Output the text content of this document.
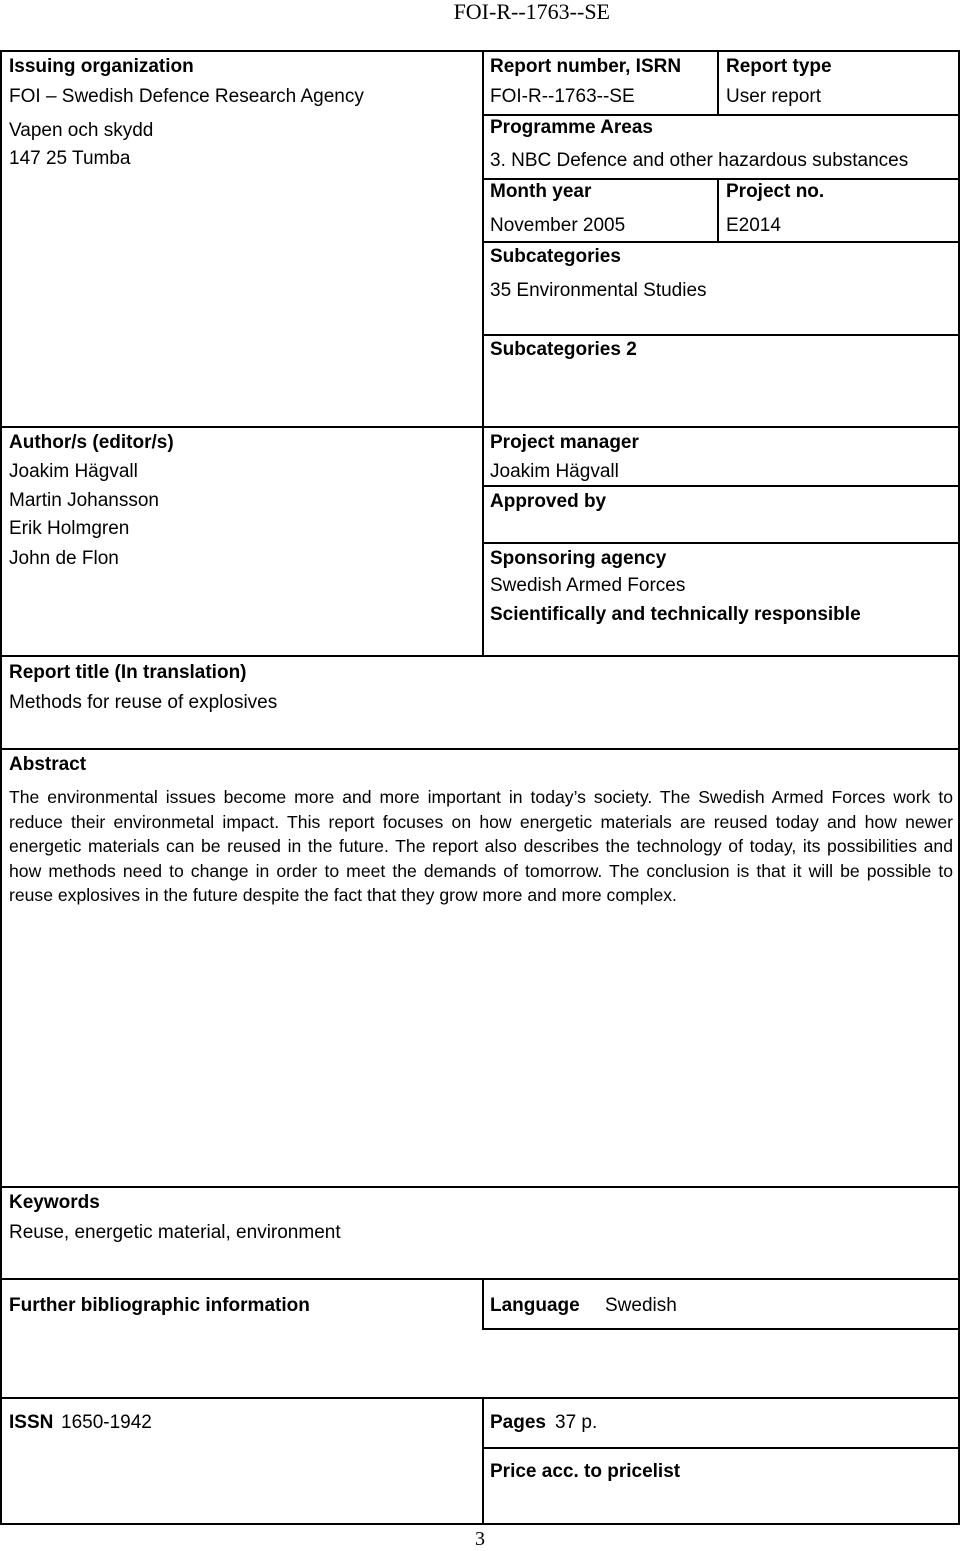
FOI-R--1763--SE
Issuing organization
FOI – Swedish Defence Research Agency
Vapen och skydd
147 25 Tumba
Report number, ISRN
FOI-R--1763--SE
Report type
User report
Programme Areas
3. NBC Defence and other hazardous substances
Month year
November 2005
Project no.
E2014
Subcategories
35 Environmental Studies
Subcategories 2
Author/s (editor/s)
Joakim Hägvall
Martin Johansson
Erik Holmgren
John de Flon
Project manager
Joakim Hägvall
Approved by
Sponsoring agency
Swedish Armed Forces
Scientifically and technically responsible
Report title (In translation)
Methods for reuse of explosives
Abstract
The environmental issues become more and more important in today’s society. The Swedish Armed Forces work to reduce their environmetal impact. This report focuses on how energetic materials are reused today and how newer energetic materials can be reused in the future. The report also describes the technology of today, its possibilities and how methods need to change in order to meet the demands of tomorrow. The conclusion is that it will be possible to reuse explosives in the future despite the fact that they grow more and more complex.
Keywords
Reuse, energetic material, environment
Further bibliographic information	Language Swedish
ISSN 1650-1942	Pages 37 p.
Price acc. to pricelist
3
